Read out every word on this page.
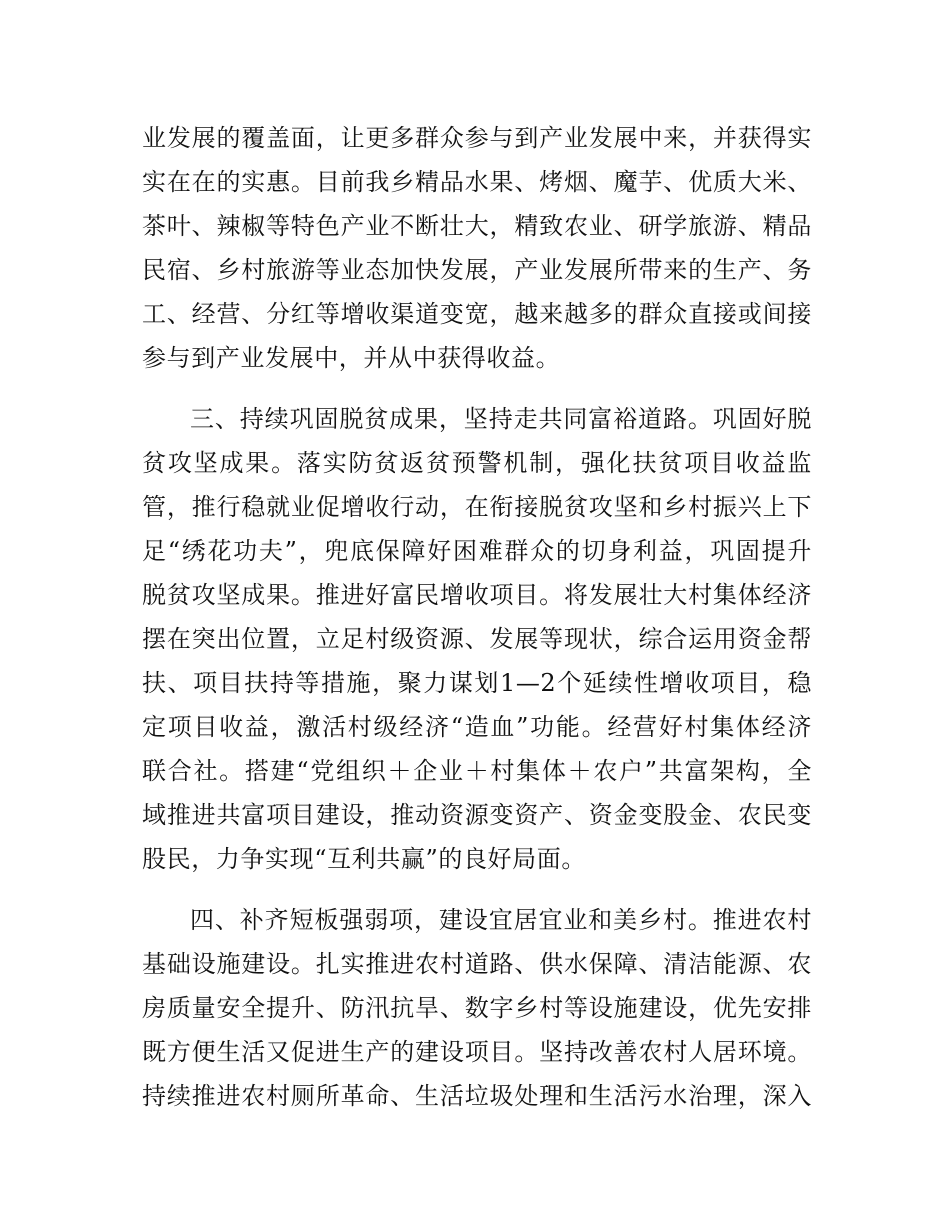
业发展的覆盖面，让更多群众参与到产业发展中来，并获得实
实在在的实惠。目前我乡精品水果、烤烟、魔芋、优质大米、
茶叶、辣椒等特色产业不断壮大，精致农业、研学旅游、精品
民宿、乡村旅游等业态加快发展，产业发展所带来的生产、务
工、经营、分红等增收渠道变宽，越来越多的群众直接或间接
参与到产业发展中，并从中获得收益。
三、持续巩固脱贫成果，坚持走共同富裕道路。巩固好脱
贫攻坚成果。落实防贫返贫预警机制，强化扶贫项目收益监
管，推行稳就业促增收行动，在衔接脱贫攻坚和乡村振兴上下
足“绣花功夫”，兜底保障好困难群众的切身利益，巩固提升
脱贫攻坚成果。推进好富民增收项目。将发展壮大村集体经济
摆在突出位置，立足村级资源、发展等现状，综合运用资金帮
扶、项目扶持等措施，聚力谋划1—2个延续性增收项目，稳
定项目收益，激活村级经济“造血”功能。经营好村集体经济
联合社。搭建“党组织＋企业＋村集体＋农户”共富架构，全
域推进共富项目建设，推动资源变资产、资金变股金、农民变
股民，力争实现“互利共赢”的良好局面。
四、补齐短板强弱项，建设宜居宜业和美乡村。推进农村
基础设施建设。扎实推进农村道路、供水保障、清洁能源、农
房质量安全提升、防汛抗旱、数字乡村等设施建设，优先安排
既方便生活又促进生产的建设项目。坚持改善农村人居环境。
持续推进农村厕所革命、生活垃圾处理和生活污水治理，深入
